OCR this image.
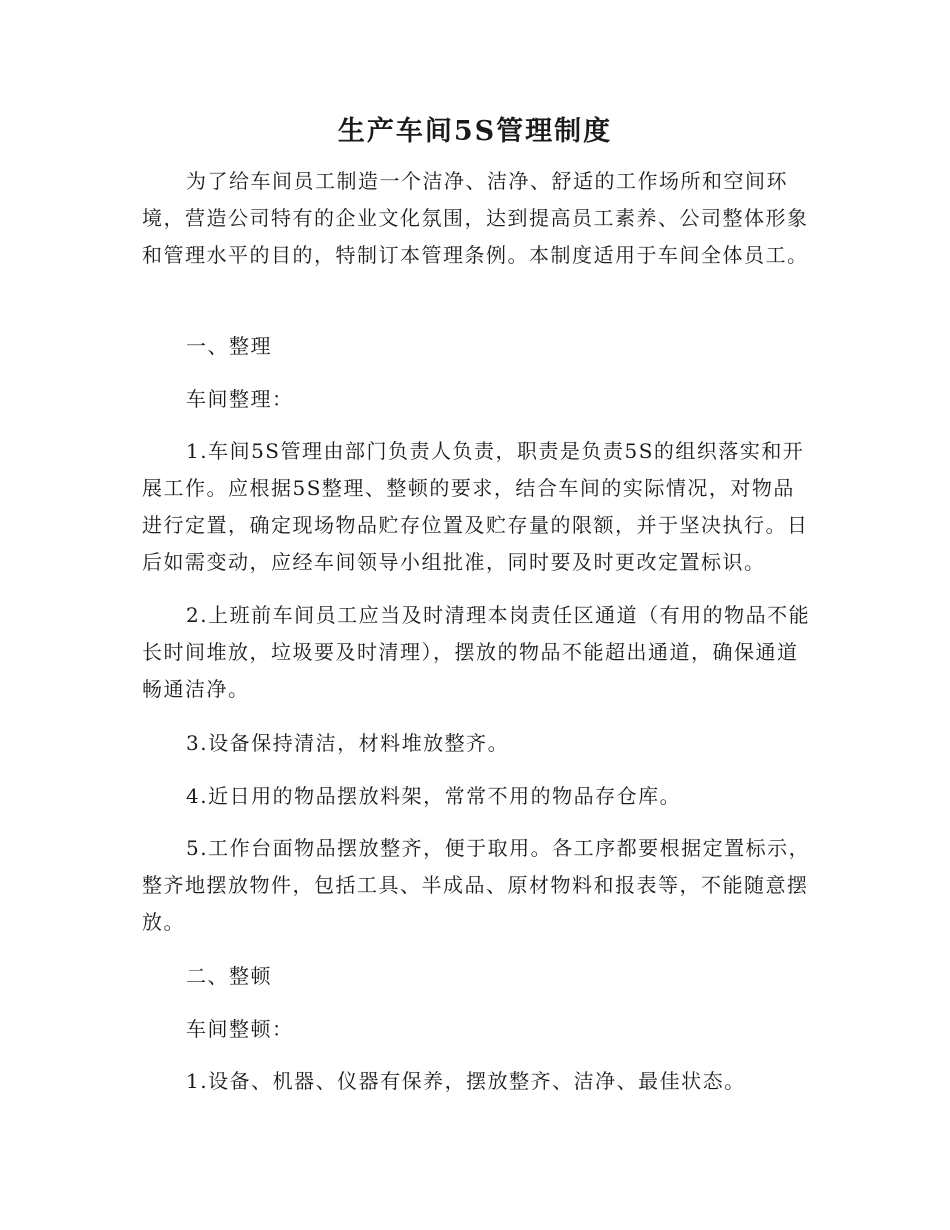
生产车间5S管理制度

为了给车间员工制造一个洁净、洁净、舒适的工作场所和空间环境，营造公司特有的企业文化氛围，达到提高员工素养、公司整体形象和管理水平的目的，特制订本管理条例。本制度适用于车间全体员工。

一、整理

车间整理：

1.车间5S管理由部门负责人负责，职责是负责5S的组织落实和开展工作。应根据5S整理、整顿的要求，结合车间的实际情况，对物品进行定置，确定现场物品贮存位置及贮存量的限额，并于坚决执行。日后如需变动，应经车间领导小组批准，同时要及时更改定置标识。

2.上班前车间员工应当及时清理本岗责任区通道（有用的物品不能长时间堆放，垃圾要及时清理），摆放的物品不能超出通道，确保通道畅通洁净。

3.设备保持清洁，材料堆放整齐。

4.近日用的物品摆放料架，常常不用的物品存仓库。

5.工作台面物品摆放整齐，便于取用。各工序都要根据定置标示，整齐地摆放物件，包括工具、半成品、原材物料和报表等，不能随意摆放。

二、整顿

车间整顿：

1.设备、机器、仪器有保养，摆放整齐、洁净、最佳状态。
